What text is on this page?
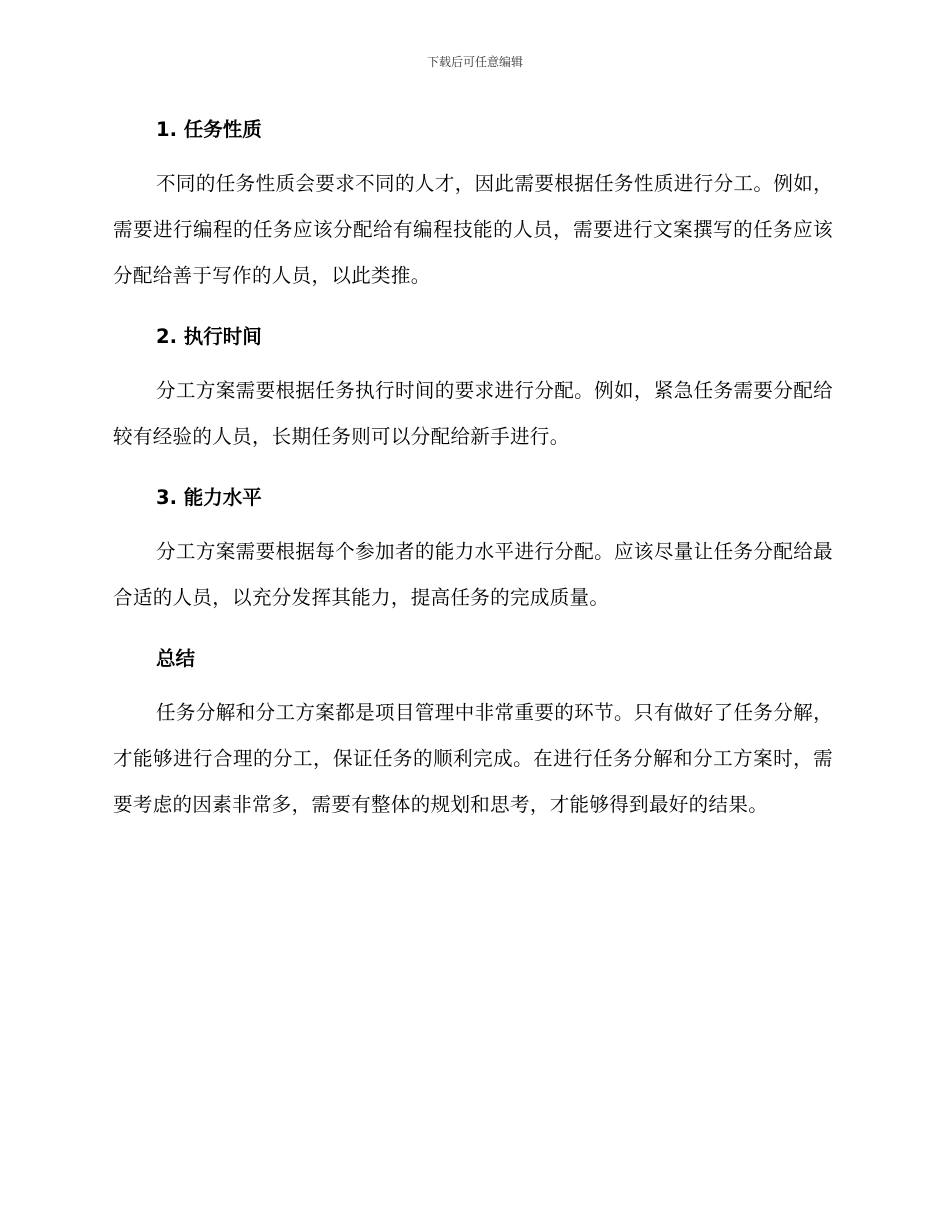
下载后可任意编辑
1. 任务性质

不同的任务性质会要求不同的人才，因此需要根据任务性质进行分工。例如，需要进行编程的任务应该分配给有编程技能的人员，需要进行文案撰写的任务应该分配给善于写作的人员，以此类推。

2. 执行时间

分工方案需要根据任务执行时间的要求进行分配。例如，紧急任务需要分配给较有经验的人员，长期任务则可以分配给新手进行。

3. 能力水平

分工方案需要根据每个参加者的能力水平进行分配。应该尽量让任务分配给最合适的人员，以充分发挥其能力，提高任务的完成质量。

总结

任务分解和分工方案都是项目管理中非常重要的环节。只有做好了任务分解，才能够进行合理的分工，保证任务的顺利完成。在进行任务分解和分工方案时，需要考虑的因素非常多，需要有整体的规划和思考，才能够得到最好的结果。
